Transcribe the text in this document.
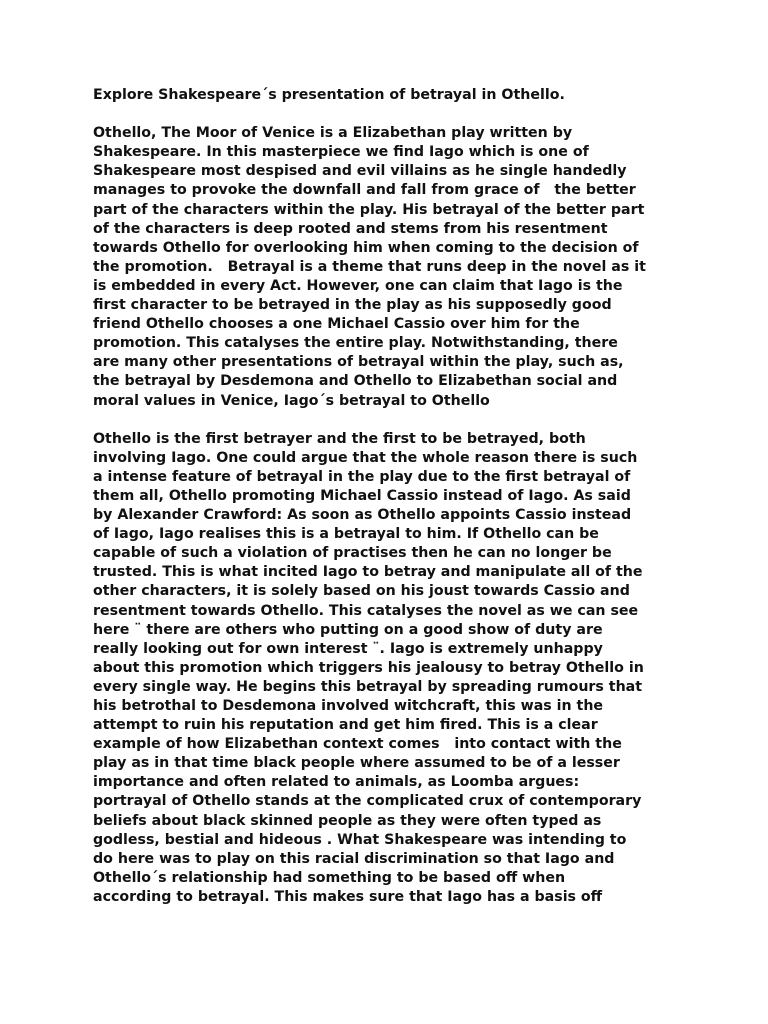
Explore Shakespeare´s presentation of betrayal in Othello.
Othello, The Moor of Venice is a Elizabethan play written by
Shakespeare. In this masterpiece we find Iago which is one of
Shakespeare most despised and evil villains as he single handedly
manages to provoke the downfall and fall from grace of   the better
part of the characters within the play. His betrayal of the better part
of the characters is deep rooted and stems from his resentment
towards Othello for overlooking him when coming to the decision of
the promotion.   Betrayal is a theme that runs deep in the novel as it
is embedded in every Act. However, one can claim that Iago is the
first character to be betrayed in the play as his supposedly good
friend Othello chooses a one Michael Cassio over him for the
promotion. This catalyses the entire play. Notwithstanding, there
are many other presentations of betrayal within the play, such as,
the betrayal by Desdemona and Othello to Elizabethan social and
moral values in Venice, Iago´s betrayal to Othello
Othello is the first betrayer and the first to be betrayed, both
involving Iago. One could argue that the whole reason there is such
a intense feature of betrayal in the play due to the first betrayal of
them all, Othello promoting Michael Cassio instead of Iago. As said
by Alexander Crawford: As soon as Othello appoints Cassio instead
of Iago, Iago realises this is a betrayal to him. If Othello can be
capable of such a violation of practises then he can no longer be
trusted. This is what incited Iago to betray and manipulate all of the
other characters, it is solely based on his joust towards Cassio and
resentment towards Othello. This catalyses the novel as we can see
here ¨ there are others who putting on a good show of duty are
really looking out for own interest ¨. Iago is extremely unhappy
about this promotion which triggers his jealousy to betray Othello in
every single way. He begins this betrayal by spreading rumours that
his betrothal to Desdemona involved witchcraft, this was in the
attempt to ruin his reputation and get him fired. This is a clear
example of how Elizabethan context comes   into contact with the
play as in that time black people where assumed to be of a lesser
importance and often related to animals, as Loomba argues:
portrayal of Othello stands at the complicated crux of contemporary
beliefs about black skinned people as they were often typed as
godless, bestial and hideous . What Shakespeare was intending to
do here was to play on this racial discrimination so that Iago and
Othello´s relationship had something to be based off when
according to betrayal. This makes sure that Iago has a basis off
